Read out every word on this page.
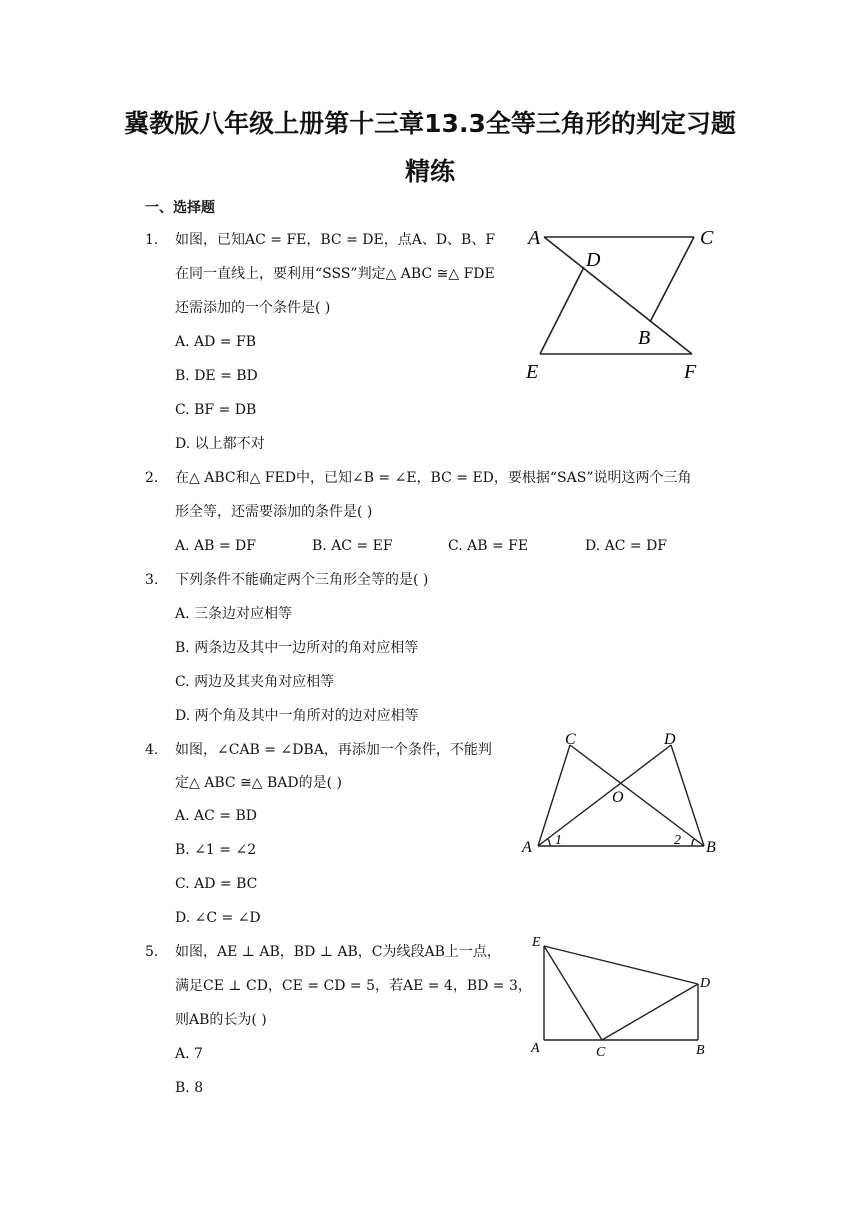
冀教版八年级上册第十三章13.3全等三角形的判定习题
精练
一、选择题
1. 如图，已知AC = FE，BC = DE，点A、D、B、F
在同一直线上，要利用“SSS”判定△ ABC ≅△ FDE
还需添加的一个条件是( )
A. AD = FB
B. DE = BD
C. BF = DB
D. 以上都不对
A	C
D
B
E	F
2. 在△ ABC和△ FED中，已知∠B = ∠E，BC = ED，要根据“SAS”说明这两个三角
形全等，还需要添加的条件是( )
A. AB = DF	B. AC = EF	C. AB = FE	D. AC = DF
3. 下列条件不能确定两个三角形全等的是( )
A. 三条边对应相等
B. 两条边及其中一边所对的角对应相等
C. 两边及其夹角对应相等
D. 两个角及其中一角所对的边对应相等
4. 如图，∠CAB = ∠DBA，再添加一个条件，不能判
定△ ABC ≅△ BAD的是( )
A. AC = BD
B. ∠1 = ∠2
C. AD = BC
D. ∠C = ∠D
C	D
O
A	B
1	2
5. 如图，AE ⊥ AB，BD ⊥ AB，C为线段AB上一点，
满足CE ⊥ CD，CE = CD = 5，若AE = 4，BD = 3，
则AB的长为( )
A. 7
B. 8
E
D
A	C	B
